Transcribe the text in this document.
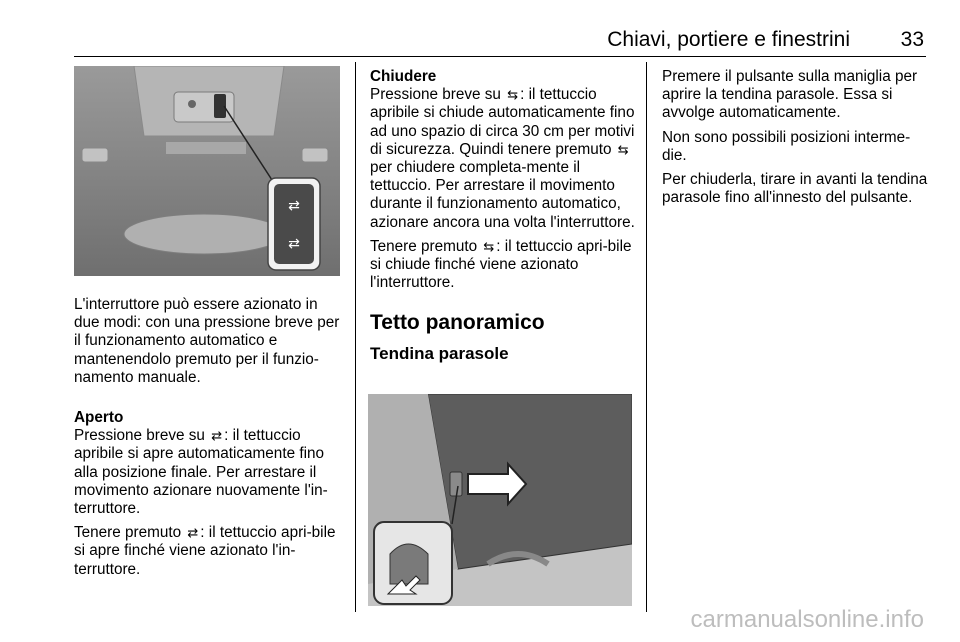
Chiavi, portiere e finestrini 33
⇄
⇄

L'interruttore può essere azionato in due modi: con una pressione breve per il funzionamento automatico e mantenendolo premuto per il funzio-namento manuale.

Aperto

Pressione breve su ⇄ : il tettuccio apribile si apre automaticamente fino alla posizione finale. Per arrestare il movimento azionare nuovamente l'in-terruttore.

Tenere premuto ⇄ : il tettuccio apri-bile si apre finché viene azionato l'in-terruttore.

Chiudere

Pressione breve su ⇆ : il tettuccio apribile si chiude automaticamente fino ad uno spazio di circa 30 cm per motivi di sicurezza. Quindi tenere premuto ⇆ per chiudere completa-mente il tettuccio. Per arrestare il movimento durante il funzionamento automatico, azionare ancora una volta l'interruttore.

Tenere premuto ⇆ : il tettuccio apri-bile si chiude finché viene azionato l'interruttore.

Tetto panoramico
Tendina parasole

Premere il pulsante sulla maniglia per aprire la tendina parasole. Essa si avvolge automaticamente.

Non sono possibili posizioni interme-die.

Per chiuderla, tirare in avanti la tendina parasole fino all'innesto del pulsante.

carmanualsonline.info
